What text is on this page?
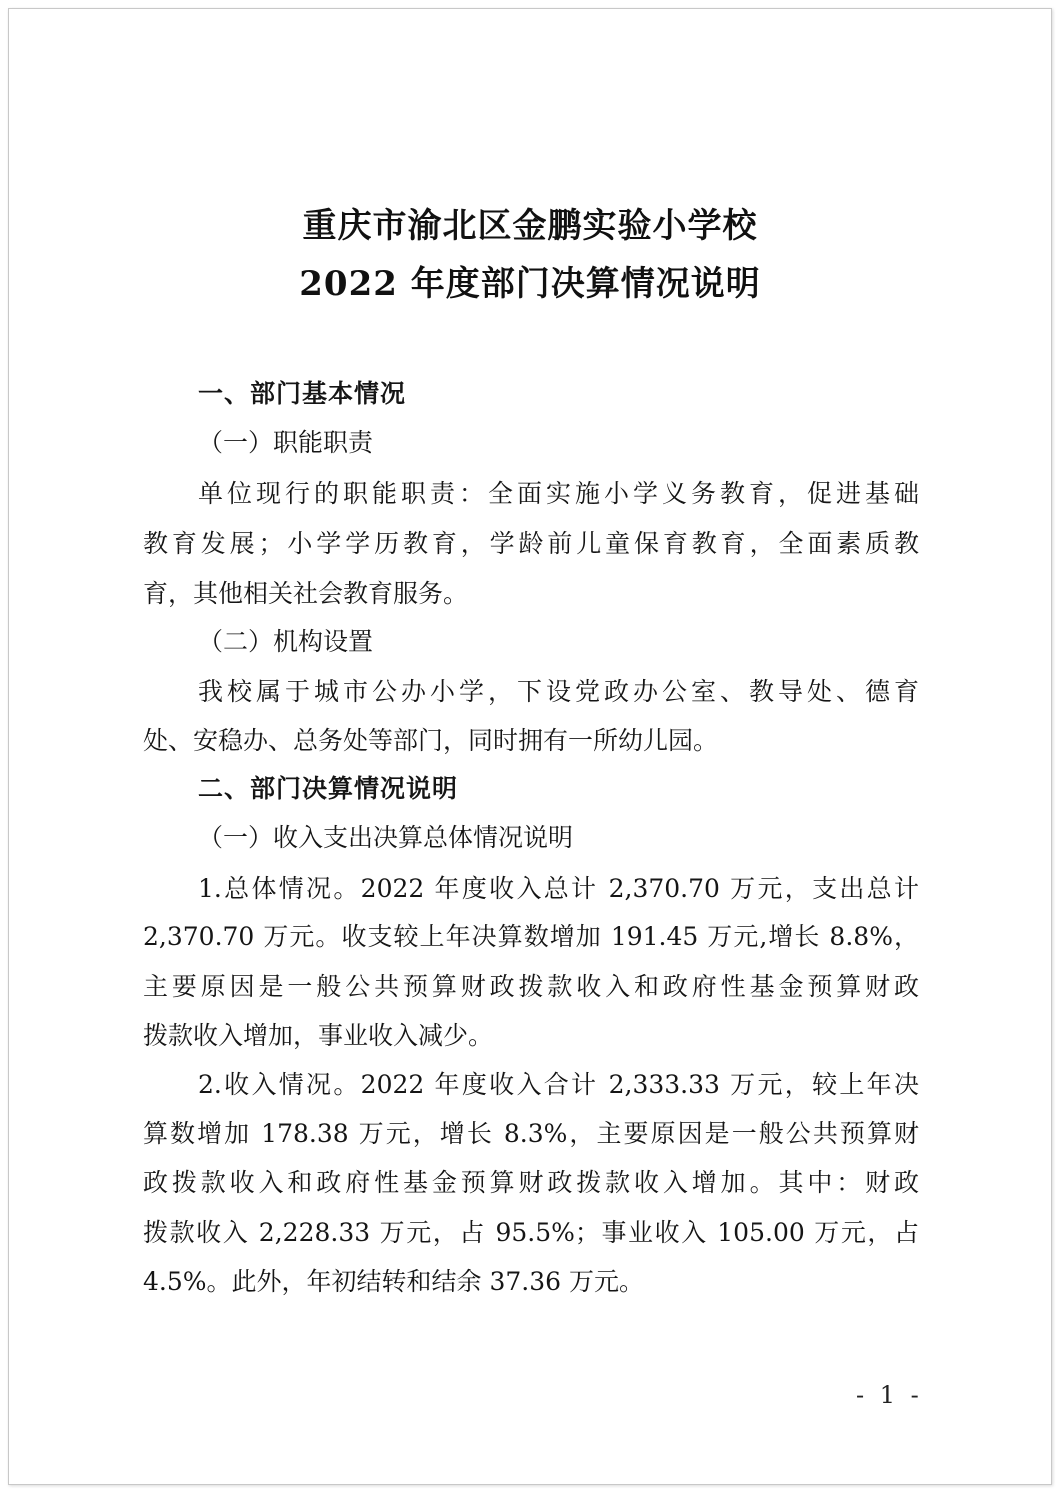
重庆市渝北区金鹏实验小学校
2022 年度部门决算情况说明
一、部门基本情况
（一）职能职责
单位现行的职能职责：全面实施小学义务教育，促进基础
教育发展；小学学历教育，学龄前儿童保育教育，全面素质教
育，其他相关社会教育服务。
（二）机构设置
我校属于城市公办小学，下设党政办公室、教导处、德育
处、安稳办、总务处等部门，同时拥有一所幼儿园。
二、部门决算情况说明
（一）收入支出决算总体情况说明
1.总体情况。2022 年度收入总计 2,370.70 万元，支出总计
2,370.70 万元。收支较上年决算数增加 191.45 万元,增长 8.8%，
主要原因是一般公共预算财政拨款收入和政府性基金预算财政
拨款收入增加，事业收入减少。
2.收入情况。2022 年度收入合计 2,333.33 万元，较上年决
算数增加 178.38 万元，增长 8.3%，主要原因是一般公共预算财
政拨款收入和政府性基金预算财政拨款收入增加。其中：财政
拨款收入 2,228.33 万元，占 95.5%；事业收入 105.00 万元，占
4.5%。此外，年初结转和结余 37.36 万元。
- 1 -
